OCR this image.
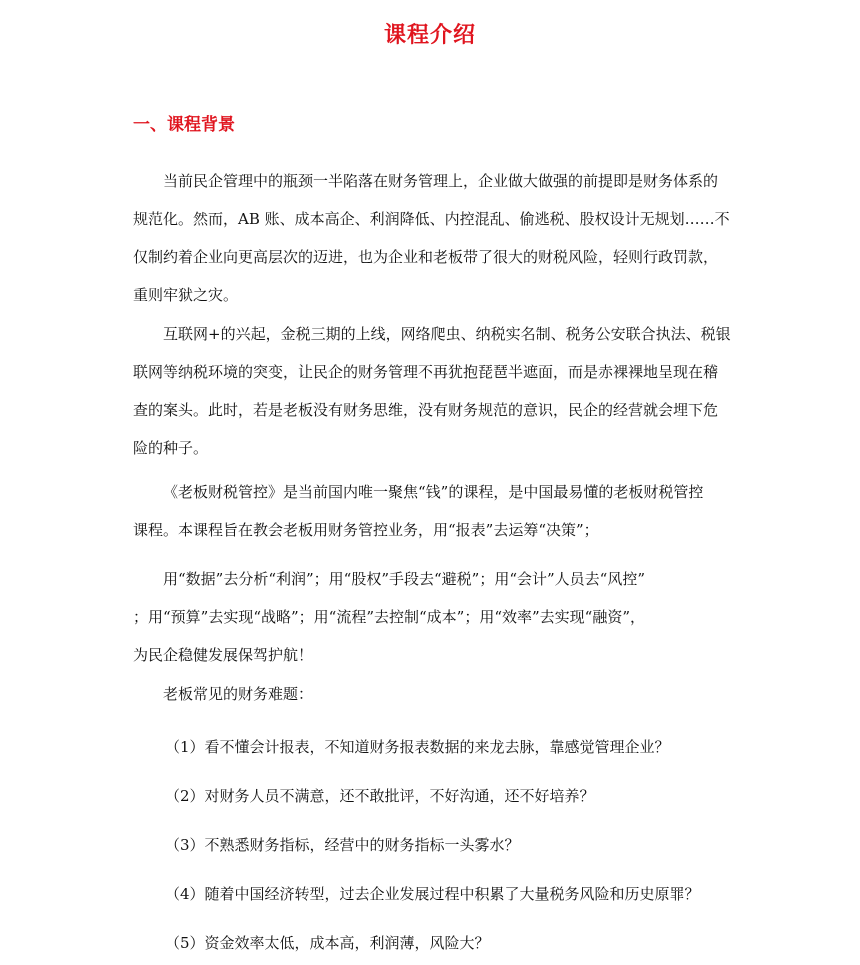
课程介绍
一、课程背景

当前民企管理中的瓶颈一半陷落在财务管理上，企业做大做强的前提即是财务体系的
规范化。然而，AB 账、成本高企、利润降低、内控混乱、偷逃税、股权设计无规划……不
仅制约着企业向更高层次的迈进，也为企业和老板带了很大的财税风险，轻则行政罚款，
重则牢狱之灾。

互联网+的兴起，金税三期的上线，网络爬虫、纳税实名制、税务公安联合执法、税银
联网等纳税环境的突变，让民企的财务管理不再犹抱琵琶半遮面，而是赤裸裸地呈现在稽
查的案头。此时，若是老板没有财务思维，没有财务规范的意识，民企的经营就会埋下危
险的种子。

《老板财税管控》是当前国内唯一聚焦“钱”的课程，是中国最易懂的老板财税管控
课程。本课程旨在教会老板用财务管控业务，用“报表”去运筹“决策”；

用“数据”去分析“利润”；用“股权”手段去“避税”；用“会计”人员去“风控”
；用“预算”去实现“战略”；用“流程”去控制“成本”；用“效率”去实现“融资”，
为民企稳健发展保驾护航！

老板常见的财务难题：

（1）看不懂会计报表，不知道财务报表数据的来龙去脉，靠感觉管理企业？

（2）对财务人员不满意，还不敢批评，不好沟通，还不好培养？

（3）不熟悉财务指标，经营中的财务指标一头雾水？

（4）随着中国经济转型，过去企业发展过程中积累了大量税务风险和历史原罪？

（5）资金效率太低，成本高，利润薄，风险大？
